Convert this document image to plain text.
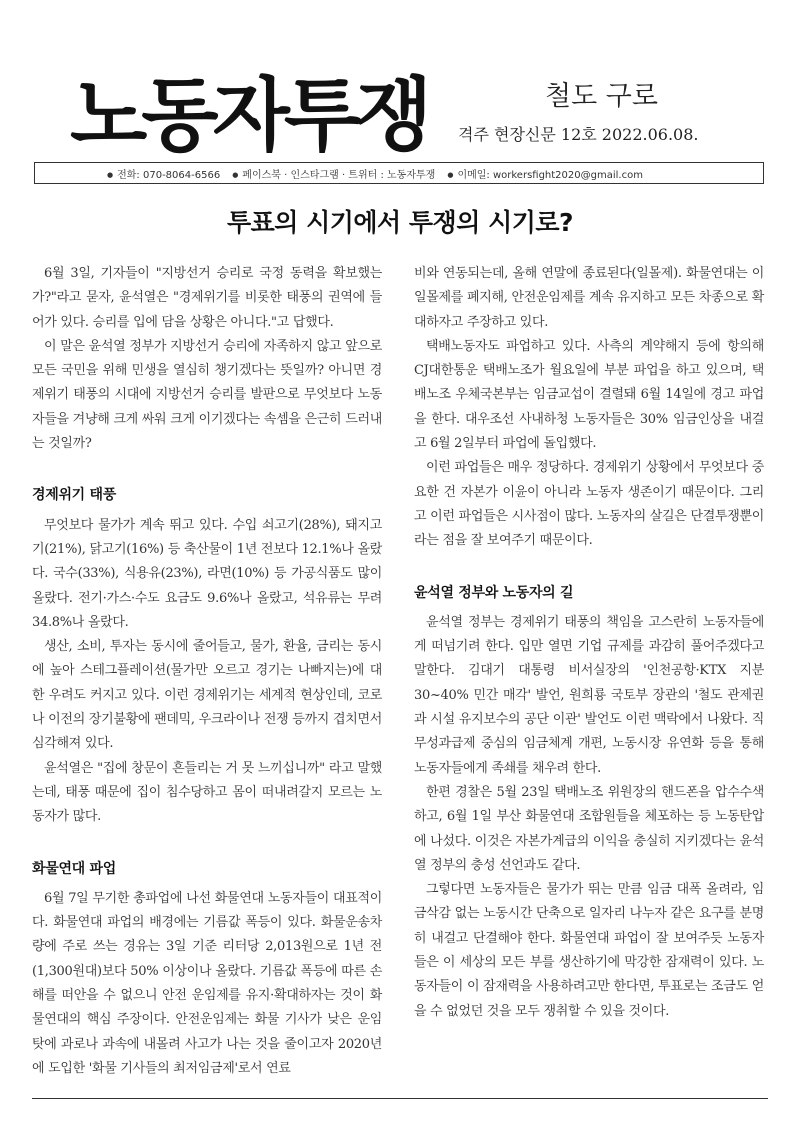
노동자투쟁	철도 구로
격주 현장신문 12호 2022.06.08.
● 전화: 070-8064-6566	● 페이스북 · 인스타그램 · 트위터 : 노동자투쟁	● 이메일: workersfight2020@gmail.com
투표의 시기에서 투쟁의 시기로?

6월 3일, 기자들이 "지방선거 승리로 국정 동력을 확보했는가?"라고 묻자, 윤석열은 "경제위기를 비롯한 태풍의 권역에 들어가 있다. 승리를 입에 담을 상황은 아니다."고 답했다.

이 말은 윤석열 정부가 지방선거 승리에 자족하지 않고 앞으로 모든 국민을 위해 민생을 열심히 챙기겠다는 뜻일까? 아니면 경제위기 태풍의 시대에 지방선거 승리를 발판으로 무엇보다 노동자들을 겨냥해 크게 싸워 크게 이기겠다는 속셈을 은근히 드러내는 것일까?

경제위기 태풍

무엇보다 물가가 계속 뛰고 있다. 수입 쇠고기(28%), 돼지고기(21%), 닭고기(16%) 등 축산물이 1년 전보다 12.1%나 올랐다. 국수(33%), 식용유(23%), 라면(10%) 등 가공식품도 많이 올랐다. 전기·가스·수도 요금도 9.6%나 올랐고, 석유류는 무려 34.8%나 올랐다.

생산, 소비, 투자는 동시에 줄어들고, 물가, 환율, 금리는 동시에 높아 스테그플레이션(물가만 오르고 경기는 나빠지는)에 대한 우려도 커지고 있다. 이런 경제위기는 세계적 현상인데, 코로나 이전의 장기불황에 팬데믹, 우크라이나 전쟁 등까지 겹치면서 심각해져 있다.

윤석열은 "집에 창문이 흔들리는 거 못 느끼십니까" 라고 말했는데, 태풍 때문에 집이 침수당하고 몸이 떠내려갈지 모르는 노동자가 많다.

화물연대 파업

6월 7일 무기한 총파업에 나선 화물연대 노동자들이 대표적이다. 화물연대 파업의 배경에는 기름값 폭등이 있다. 화물운송차량에 주로 쓰는 경유는 3일 기준 리터당 2,013원으로 1년 전(1,300원대)보다 50% 이상이나 올랐다. 기름값 폭등에 따른 손해를 떠안을 수 없으니 안전 운임제를 유지·확대하자는 것이 화물연대의 핵심 주장이다. 안전운임제는 화물 기사가 낮은 운임 탓에 과로나 과속에 내몰려 사고가 나는 것을 줄이고자 2020년에 도입한 '화물 기사들의 최저임금제'로서 연료

비와 연동되는데, 올해 연말에 종료된다(일몰제). 화물연대는 이 일몰제를 폐지해, 안전운임제를 계속 유지하고 모든 차종으로 확대하자고 주장하고 있다.

택배노동자도 파업하고 있다. 사측의 계약해지 등에 항의해 CJ대한통운 택배노조가 월요일에 부분 파업을 하고 있으며, 택배노조 우체국본부는 임금교섭이 결렬돼 6월 14일에 경고 파업을 한다. 대우조선 사내하청 노동자들은 30% 임금인상을 내걸고 6월 2일부터 파업에 돌입했다.

이런 파업들은 매우 정당하다. 경제위기 상황에서 무엇보다 중요한 건 자본가 이윤이 아니라 노동자 생존이기 때문이다. 그리고 이런 파업들은 시사점이 많다. 노동자의 살길은 단결투쟁뿐이라는 점을 잘 보여주기 때문이다.

윤석열 정부와 노동자의 길

윤석열 정부는 경제위기 태풍의 책임을 고스란히 노동자들에게 떠넘기려 한다. 입만 열면 기업 규제를 과감히 풀어주겠다고 말한다. 김대기 대통령 비서실장의 '인천공항·KTX 지분 30~40% 민간 매각' 발언, 원희룡 국토부 장관의 '철도 관제권과 시설 유지보수의 공단 이관' 발언도 이런 맥락에서 나왔다. 직무성과급제 중심의 임금체계 개편, 노동시장 유연화 등을 통해 노동자들에게 족쇄를 채우려 한다.

한편 경찰은 5월 23일 택배노조 위원장의 핸드폰을 압수수색하고, 6월 1일 부산 화물연대 조합원들을 체포하는 등 노동탄압에 나섰다. 이것은 자본가계급의 이익을 충실히 지키겠다는 윤석열 정부의 충성 선언과도 같다.

그렇다면 노동자들은 물가가 뛰는 만큼 임금 대폭 올려라, 임금삭감 없는 노동시간 단축으로 일자리 나누자 같은 요구를 분명히 내걸고 단결해야 한다. 화물연대 파업이 잘 보여주듯 노동자들은 이 세상의 모든 부를 생산하기에 막강한 잠재력이 있다. 노동자들이 이 잠재력을 사용하려고만 한다면, 투표로는 조금도 얻을 수 없었던 것을 모두 쟁취할 수 있을 것이다.
